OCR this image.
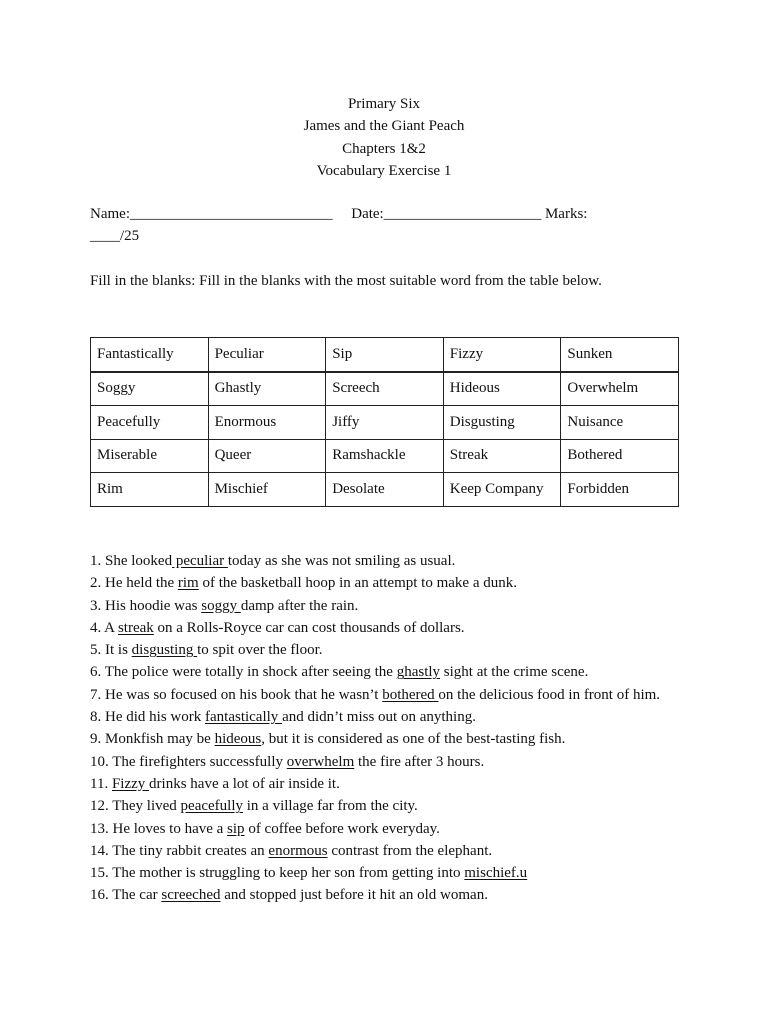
Primary Six
James and the Giant Peach
Chapters 1&2
Vocabulary Exercise 1
Name:___________________________ Date:_____________________ Marks:
____/25
Fill in the blanks: Fill in the blanks with the most suitable word from the table below.
Fantastically	Peculiar	Sip	Fizzy	Sunken
Soggy	Ghastly	Screech	Hideous	Overwhelm
Peacefully	Enormous	Jiffy	Disgusting	Nuisance
Miserable	Queer	Ramshackle	Streak	Bothered
Rim	Mischief	Desolate	Keep Company	Forbidden
1. She looked peculiar today as she was not smiling as usual.
2. He held the rim of the basketball hoop in an attempt to make a dunk.
3. His hoodie was soggy damp after the rain.
4. A streak on a Rolls-Royce car can cost thousands of dollars.
5. It is disgusting to spit over the floor.
6. The police were totally in shock after seeing the ghastly sight at the crime scene.
7. He was so focused on his book that he wasn’t bothered on the delicious food in front of him.
8. He did his work fantastically and didn’t miss out on anything.
9. Monkfish may be hideous, but it is considered as one of the best-tasting fish.
10. The firefighters successfully overwhelm the fire after 3 hours.
11. Fizzy drinks have a lot of air inside it.
12. They lived peacefully in a village far from the city.
13. He loves to have a sip of coffee before work everyday.
14. The tiny rabbit creates an enormous contrast from the elephant.
15. The mother is struggling to keep her son from getting into mischief.u
16. The car screeched and stopped just before it hit an old woman.
